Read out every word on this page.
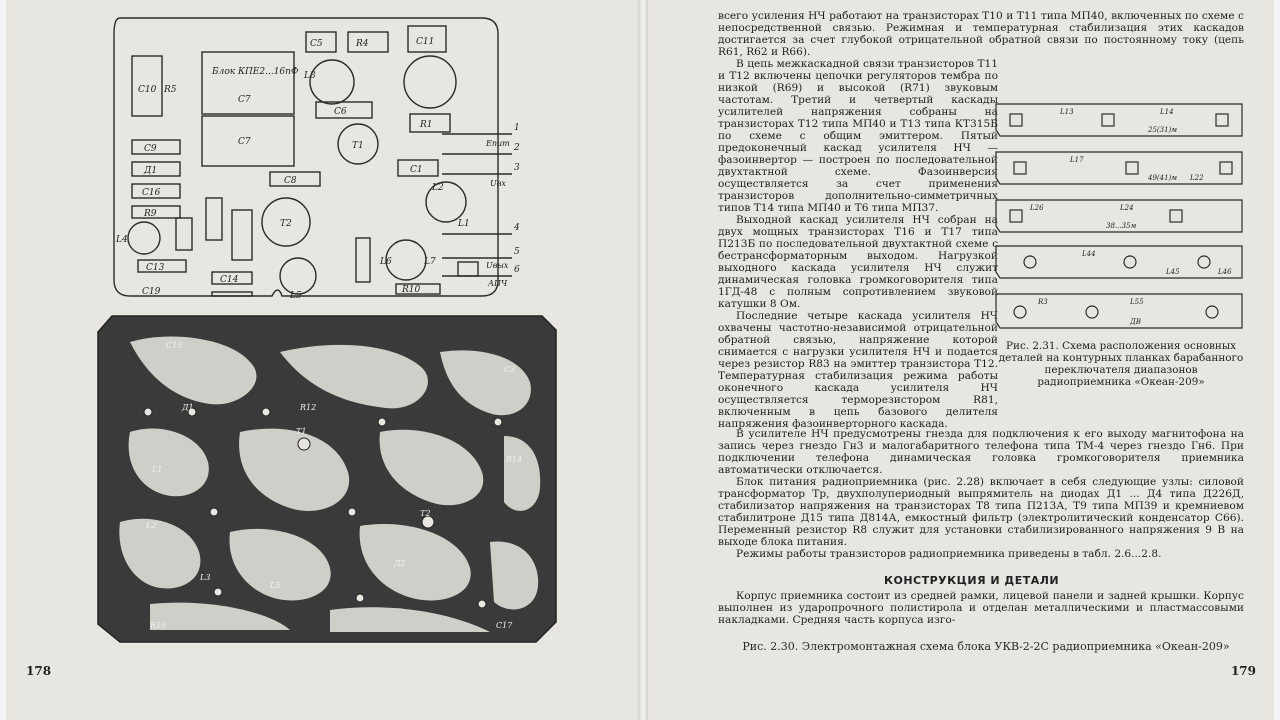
Блок КПЕ2...16пФ
С7
С7
С5	R4	С11
L3
С6
T1
R1
С10 R5
С9
Д1
С16
R9
L4
С8
С1
L2
T2	L1
С13
С14
L6	L7
R10
L5
С19
1
2
3
4
5
6
Eпит
Uвх
Uвых
АПЧ
Д1
T1
T2
Д2
R12
L1
L2
L3
L5
С15
R15	С17
R14
С3
178

всего усиления НЧ работают на транзисторах Т10 и Т11 типа МП40, включенных по схеме с непосредственной связью. Режимная и температурная стабилизация этих каскадов достигается за счет глубокой отрицательной обратной связи по постоянному току (цепь R61, R62 и R66).

В цепь межкаскадной связи транзисторов Т11 и Т12 включены цепочки регуляторов тембра по низкой (R69) и высокой (R71) звуковым частотам. Третий и четвертый каскады усилителей напряжения собраны на транзисторах Т12 типа МП40 и Т13 типа КТ315Б по схеме с общим эмиттером. Пятый предоконечный каскад усилителя НЧ — фазоинвертор — построен по последовательной двухтактной схеме. Фазоинверсия осуществляется за счет применения транзисторов дополнительно-симметричных типов Т14 типа МП40 и Т6 типа МП37.

Выходной каскад усилителя НЧ собран на двух мощных транзисторах Т16 и Т17 типа П213Б по последовательной двухтактной схеме с бестрансформаторным выходом. Нагрузкой выходного каскада усилителя НЧ служит динамическая головка громкоговорителя типа 1ГД-48 с полным сопротивлением звуковой катушки 8 Ом.

Последние четыре каскада усилителя НЧ охвачены частотно-независимой отрицательной обратной связью, напряжение которой снимается с нагрузки усилителя НЧ и подается через резистор R83 на эмиттер транзистора Т12. Температурная стабилизация режима работы оконечного каскада усилителя НЧ осуществляется терморезистором R81, включенным в цепь базового делителя напряжения фазоинверторного каскада.

L13	L14
25(31)м
L17
L22
49(41)м
L26	L24
38...35м
L44
L45	L46
R3	L55
ДВ
Рис. 2.31. Схема расположения основных деталей на контурных планках барабанного переключателя диапазонов радиоприемника «Океан-209»

В усилителе НЧ предусмотрены гнезда для подключения к его выходу магнитофона на запись через гнездо Гн3 и малогабаритного телефона типа ТМ-4 через гнездо Гн6. При подключении телефона динамическая головка громкоговорителя приемника автоматически отключается.

Блок питания радиоприемника (рис. 2.28) включает в себя следующие узлы: силовой трансформатор Тр, двухполупериодный выпрямитель на диодах Д1 ... Д4 типа Д226Д, стабилизатор напряжения на транзисторах Т8 типа П213А, Т9 типа МП39 и кремниевом стабилитроне Д15 типа Д814А, емкостный фильтр (электролитический конденсатор С66). Переменный резистор R8 служит для установки стабилизированного напряжения 9 В на выходе блока питания.

Режимы работы транзисторов радиоприемника приведены в табл. 2.6...2.8.

КОНСТРУКЦИЯ И ДЕТАЛИ

Корпус приемника состоит из средней рамки, лицевой панели и задней крышки. Корпус выполнен из ударопрочного полистирола и отделан металлическими и пластмассовыми накладками. Средняя часть корпуса изго-

179
Рис. 2.30. Электромонтажная схема блока УКВ-2-2С радиоприемника «Океан-209»
